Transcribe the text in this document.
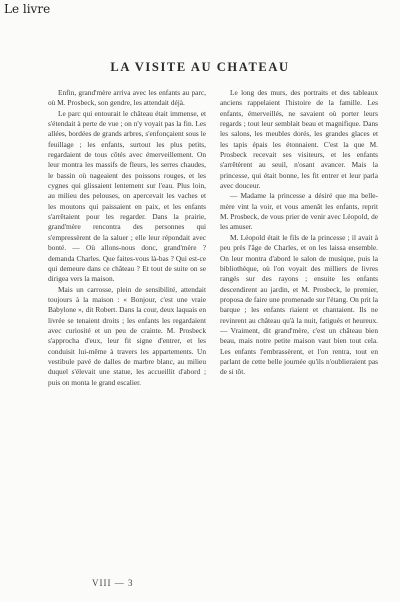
Le livre
LA VISITE AU CHATEAU

Enfin, grand'mère arriva avec les enfants au parc, où M. Prosbeck, son gendre, les attendait déjà.

Le parc qui entourait le château était immense, et s'étendait à perte de vue ; on n'y voyait pas la fin. Les allées, bordées de grands arbres, s'enfonçaient sous le feuillage ; les enfants, surtout les plus petits, regardaient de tous côtés avec émerveillement. On leur montra les massifs de fleurs, les serres chaudes, le bassin où nageaient des poissons rouges, et les cygnes qui glissaient lentement sur l'eau. Plus loin, au milieu des pelouses, on apercevait les vaches et les moutons qui paissaient en paix, et les enfants s'arrêtaient pour les regarder. Dans la prairie, grand'mère rencontra des personnes qui s'empressèrent de la saluer ; elle leur répondait avec bonté. — Où allons-nous donc, grand'mère ? demanda Charles. Que faites-vous là-bas ? Qui est-ce qui demeure dans ce château ? Et tout de suite on se dirigea vers la maison.

Mais un carrosse, plein de sensibilité, attendait toujours à la maison : « Bonjour, c'est une vraie Babylone », dit Robert. Dans la cour, deux laquais en livrée se tenaient droits ; les enfants les regardaient avec curiosité et un peu de crainte. M. Prosbeck s'approcha d'eux, leur fit signe d'entrer, et les conduisit lui-même à travers les appartements. Un vestibule pavé de dalles de marbre blanc, au milieu duquel s'élevait une statue, les accueillit d'abord ; puis on monta le grand escalier.

Le long des murs, des portraits et des tableaux anciens rappelaient l'histoire de la famille. Les enfants, émerveillés, ne savaient où porter leurs regards ; tout leur semblait beau et magnifique. Dans les salons, les meubles dorés, les grandes glaces et les tapis épais les étonnaient. C'est la que M. Prosbeck recevait ses visiteurs, et les enfants s'arrêtèrent au seuil, n'osant avancer. Mais la princesse, qui était bonne, les fit entrer et leur parla avec douceur.

— Madame la princesse a désiré que ma belle-mère vint la voir, et vous amenât les enfants, reprit M. Prosbeck, de vous prier de venir avec Léopold, de les amuser.

M. Léopold était le fils de la princesse ; il avait à peu près l'âge de Charles, et on les laissa ensemble. On leur montra d'abord le salon de musique, puis la bibliothèque, où l'on voyait des milliers de livres rangés sur des rayons ; ensuite les enfants descendirent au jardin, et M. Prosbeck, le premier, proposa de faire une promenade sur l'étang. On prit la barque ; les enfants riaient et chantaient. Ils ne revinrent au château qu'à la nuit, fatigués et heureux. — Vraiment, dit grand'mère, c'est un château bien beau, mais notre petite maison vaut bien tout cela. Les enfants l'embrassèrent, et l'on rentra, tout en parlant de cette belle journée qu'ils n'oublieraient pas de si tôt.

VIII — 3
